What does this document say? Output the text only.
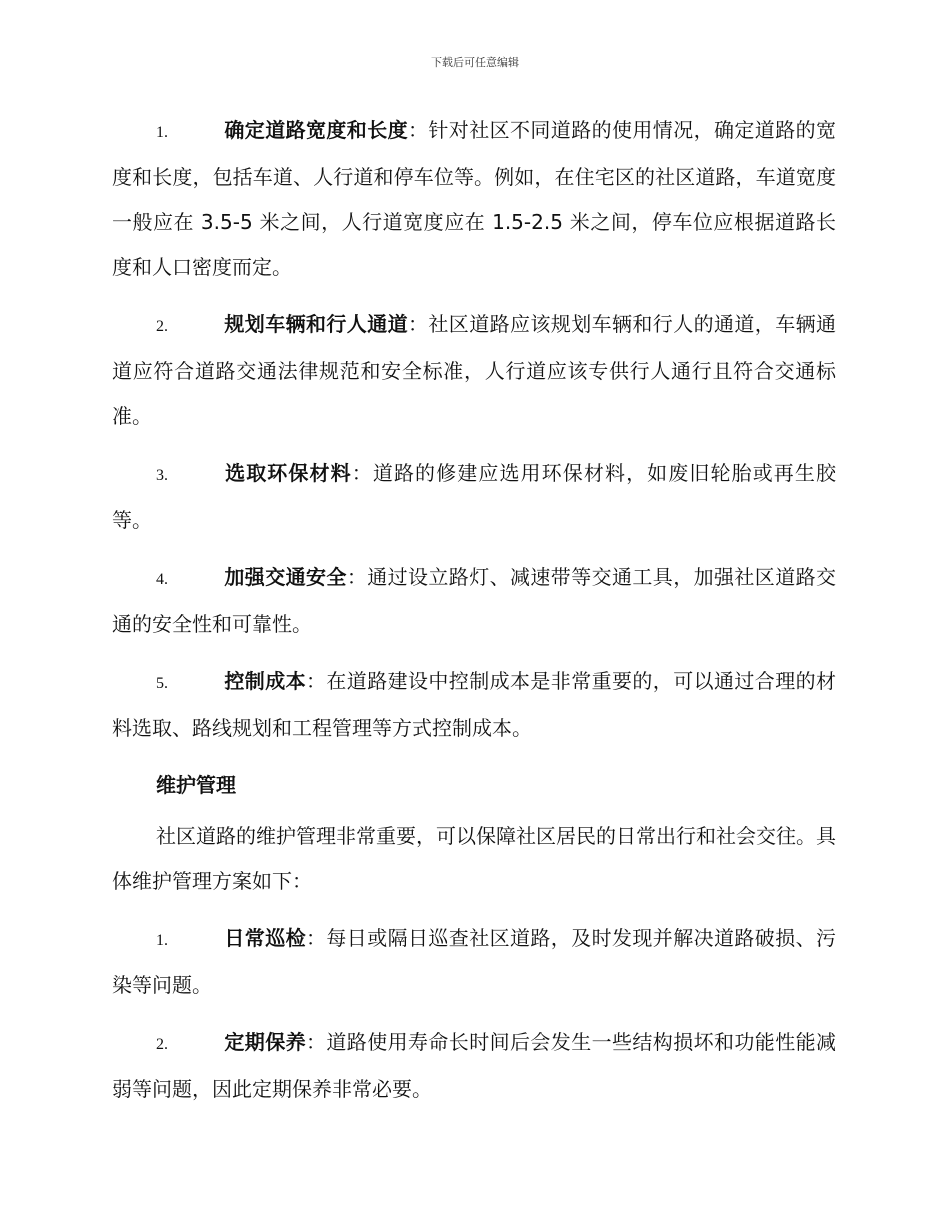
下载后可任意编辑

1.	确定道路宽度和长度：针对社区不同道路的使用情况，确定道路的宽度和长度，包括车道、人行道和停车位等。例如，在住宅区的社区道路，车道宽度一般应在 3.5-5 米之间，人行道宽度应在 1.5-2.5 米之间，停车位应根据道路长度和人口密度而定。

2.	规划车辆和行人通道：社区道路应该规划车辆和行人的通道，车辆通道应符合道路交通法律规范和安全标准，人行道应该专供行人通行且符合交通标准。

3.	选取环保材料：道路的修建应选用环保材料，如废旧轮胎或再生胶等。

4.	加强交通安全：通过设立路灯、减速带等交通工具，加强社区道路交通的安全性和可靠性。

5.	控制成本：在道路建设中控制成本是非常重要的，可以通过合理的材料选取、路线规划和工程管理等方式控制成本。

维护管理

社区道路的维护管理非常重要，可以保障社区居民的日常出行和社会交往。具体维护管理方案如下：

1.	日常巡检：每日或隔日巡查社区道路，及时发现并解决道路破损、污染等问题。

2.	定期保养：道路使用寿命长时间后会发生一些结构损坏和功能性能减弱等问题，因此定期保养非常必要。
